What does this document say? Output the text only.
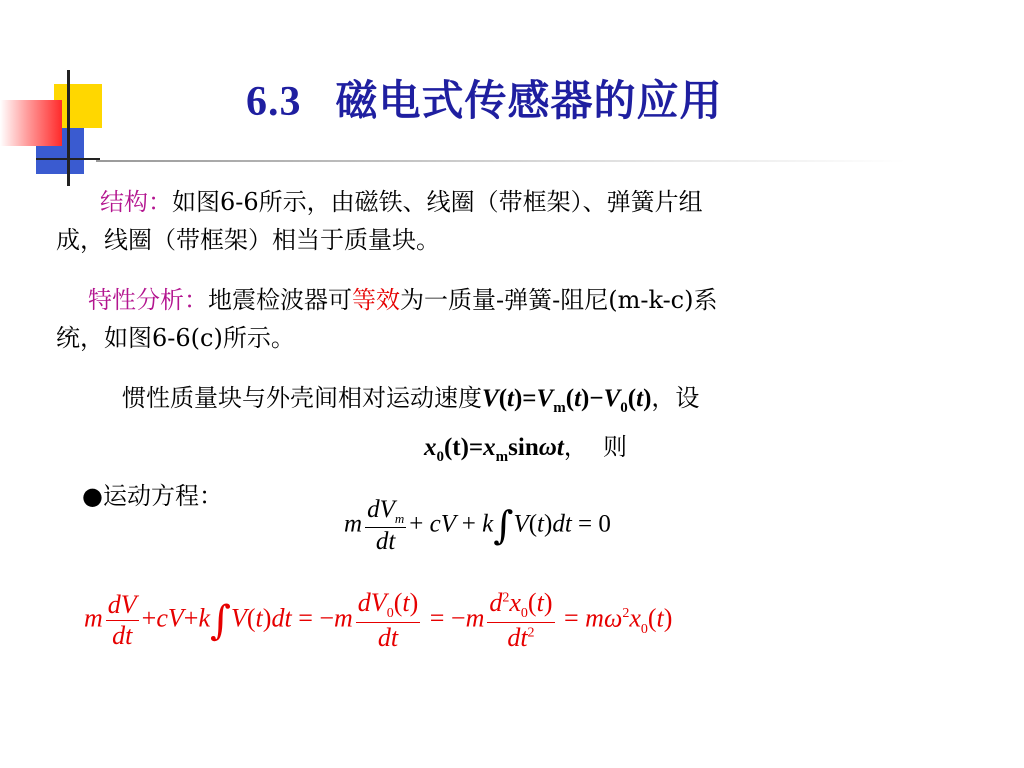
6.3 磁电式传感器的应用
结构：如图6-6所示，由磁铁、线圈（带框架）、弹簧片组
成，线圈（带框架）相当于质量块。
特性分析：地震检波器可等效为一质量-弹簧-阻尼(m-k-c)系
统，如图6-6(c)所示。
惯性质量块与外壳间相对运动速度$V(t)=V_m(t)-V_0(t)$，设
$x_0(t)=x_m\sin\omega t$，  则
●运动方程：
m $\frac{dV_m}{dt}$ + cV + k∫V(t)dt = 0
m $\frac{dV}{dt} +cV+k\int V(t)dt = -m \frac{dV_0(t)}{dt} = -m \frac{d^2x_0(t)}{dt^2} = m\omega^2x_0(t)$
